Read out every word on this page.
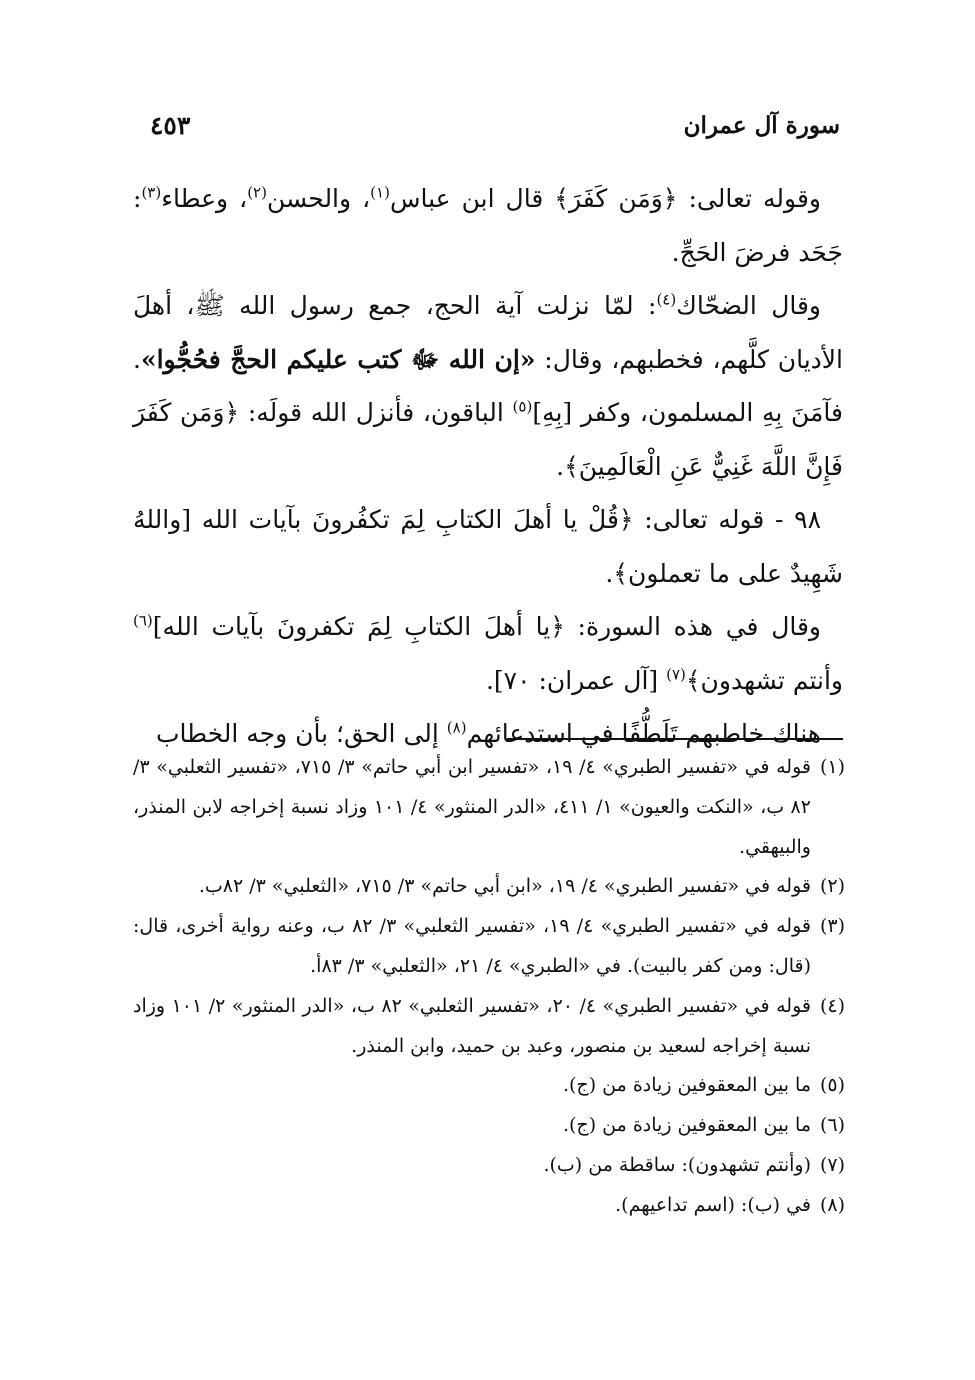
سورة آل عمران
٤٥٣

وقوله تعالى: ﴿وَمَن كَفَرَ﴾ قال ابن عباس$^{(١)}$، والحسن$^{(٢)}$، وعطاء$^{(٣)}$: جَحَد فرضَ الحَجِّ.

وقال الضحّاك$^{(٤)}$: لمّا نزلت آية الحج، جمع رسول الله ﷺ، أهلَ الأديان كلَّهم، فخطبهم، وقال: «إن الله ﷻ كتب عليكم الحجَّ فحُجُّوا». فآمَنَ بِهِ المسلمون، وكفر [بِهِ]$^{(٥)}$ الباقون، فأنزل الله قولَه: ﴿وَمَن كَفَرَ فَإِنَّ اللَّهَ غَنِيٌّ عَنِ الْعَالَمِينَ﴾.

٩٨ - قوله تعالى: ﴿قُلْ يا أهلَ الكتابِ لِمَ تكفُرونَ بآيات الله [واللهُ شَهِيدٌ على ما تعملون﴾.

وقال في هذه السورة: ﴿يا أهلَ الكتابِ لِمَ تكفرونَ بآيات الله]$^{(٦)}$ وأنتم تشهدون﴾$^{(٧)}$ [آل عمران: ٧٠].

هناك خاطبهم تَلَطُّفًا في استدعائهم$^{(٨)}$ إلى الحق؛ بأن وجه الخطاب

(١)
قوله في «تفسير الطبري» ٤/ ١٩، «تفسير ابن أبي حاتم» ٣/ ٧١٥، «تفسير الثعلبي» ٣/ ٨٢ ب، «النكت والعيون» ١/ ٤١١، «الدر المنثور» ٤/ ١٠١ وزاد نسبة إخراجه لابن المنذر، والبيهقي.
(٢)
قوله في «تفسير الطبري» ٤/ ١٩، «ابن أبي حاتم» ٣/ ٧١٥، «الثعلبي» ٣/ ٨٢ب.
(٣)
قوله في «تفسير الطبري» ٤/ ١٩، «تفسير الثعلبي» ٣/ ٨٢ ب، وعنه رواية أخرى، قال: (قال: ومن كفر بالبيت). في «الطبري» ٤/ ٢١، «الثعلبي» ٣/ ٨٣أ.
(٤)
قوله في «تفسير الطبري» ٤/ ٢٠، «تفسير الثعلبي» ٨٢ ب، «الدر المنثور» ٢/ ١٠١ وزاد نسبة إخراجه لسعيد بن منصور، وعبد بن حميد، وابن المنذر.
(٥)
ما بين المعقوفين زيادة من (ج).
(٦)
ما بين المعقوفين زيادة من (ج).
(٧)
(وأنتم تشهدون): ساقطة من (ب).
(٨)
في (ب): (اسم تداعيهم).
